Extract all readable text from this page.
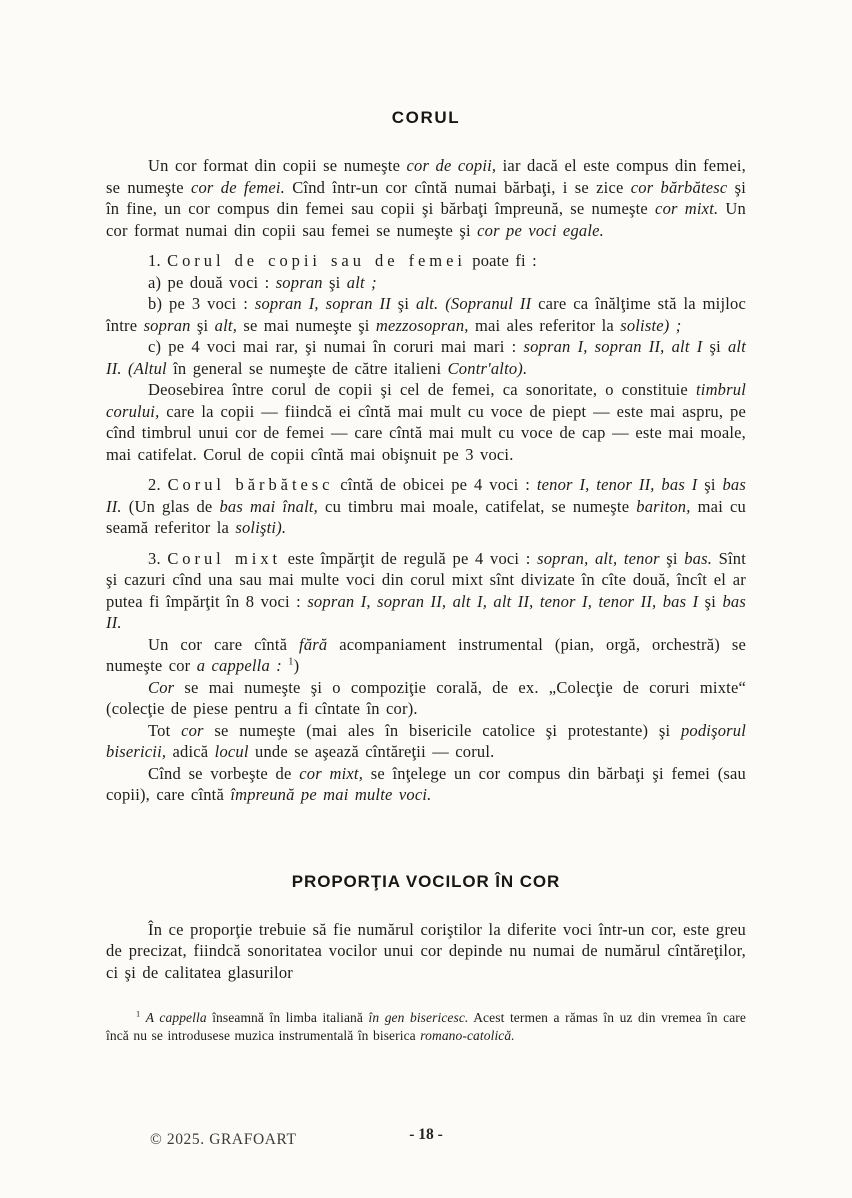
CORUL

Un cor format din copii se numeşte cor de copii, iar dacă el este compus din femei, se numeşte cor de femei. Cînd într-un cor cîntă numai bărbaţi, i se zice cor bărbătesc şi în fine, un cor compus din femei sau copii şi bărbaţi împreună, se numeşte cor mixt. Un cor format numai din copii sau femei se numeşte şi cor pe voci egale.

1. Corul de copii sau de femei poate fi :

a) pe două voci : sopran şi alt ;

b) pe 3 voci : sopran I, sopran II şi alt. (Sopranul II care ca înălţime stă la mijloc între sopran şi alt, se mai numeşte şi mezzosopran, mai ales referitor la soliste) ;

c) pe 4 voci mai rar, şi numai în coruri mai mari : sopran I, sopran II, alt I şi alt II. (Altul în general se numeşte de către italieni Contr'alto).

Deosebirea între corul de copii şi cel de femei, ca sonoritate, o constituie timbrul corului, care la copii — fiindcă ei cîntă mai mult cu voce de piept — este mai aspru, pe cînd timbrul unui cor de femei — care cîntă mai mult cu voce de cap — este mai moale, mai catifelat. Corul de copii cîntă mai obişnuit pe 3 voci.

2. Corul bărbătesc cîntă de obicei pe 4 voci : tenor I, tenor II, bas I şi bas II. (Un glas de bas mai înalt, cu timbru mai moale, catifelat, se numeşte bariton, mai cu seamă referitor la solişti).

3. Corul mixt este împărţit de regulă pe 4 voci : sopran, alt, tenor şi bas. Sînt şi cazuri cînd una sau mai multe voci din corul mixt sînt divizate în cîte două, încît el ar putea fi împărţit în 8 voci : sopran I, sopran II, alt I, alt II, tenor I, tenor II, bas I şi bas II.

Un cor care cîntă fără acompaniament instrumental (pian, orgă, orchestră) se numeşte cor a cappella : $^1$)

Cor se mai numeşte şi o compoziţie corală, de ex. „Colecţie de coruri mixte“ (colecţie de piese pentru a fi cîntate în cor).

Tot cor se numeşte (mai ales în bisericile catolice şi protestante) şi podişorul bisericii, adică locul unde se aşează cîntăreţii — corul.

Cînd se vorbeşte de cor mixt, se înţelege un cor compus din bărbaţi şi femei (sau copii), care cîntă împreună pe mai multe voci.

PROPORŢIA VOCILOR ÎN COR

În ce proporţie trebuie să fie numărul coriştilor la diferite voci într-un cor, este greu de precizat, fiindcă sonoritatea vocilor unui cor depinde nu numai de numărul cîntăreţilor, ci şi de calitatea glasurilor

$^1$ A cappella înseamnă în limba italiană în gen bisericesc. Acest termen a rămas în uz din vremea în care încă nu se introdusese muzica instrumentală în biserica romano-catolică.

- 18 -
© 2025. GRAFOART
